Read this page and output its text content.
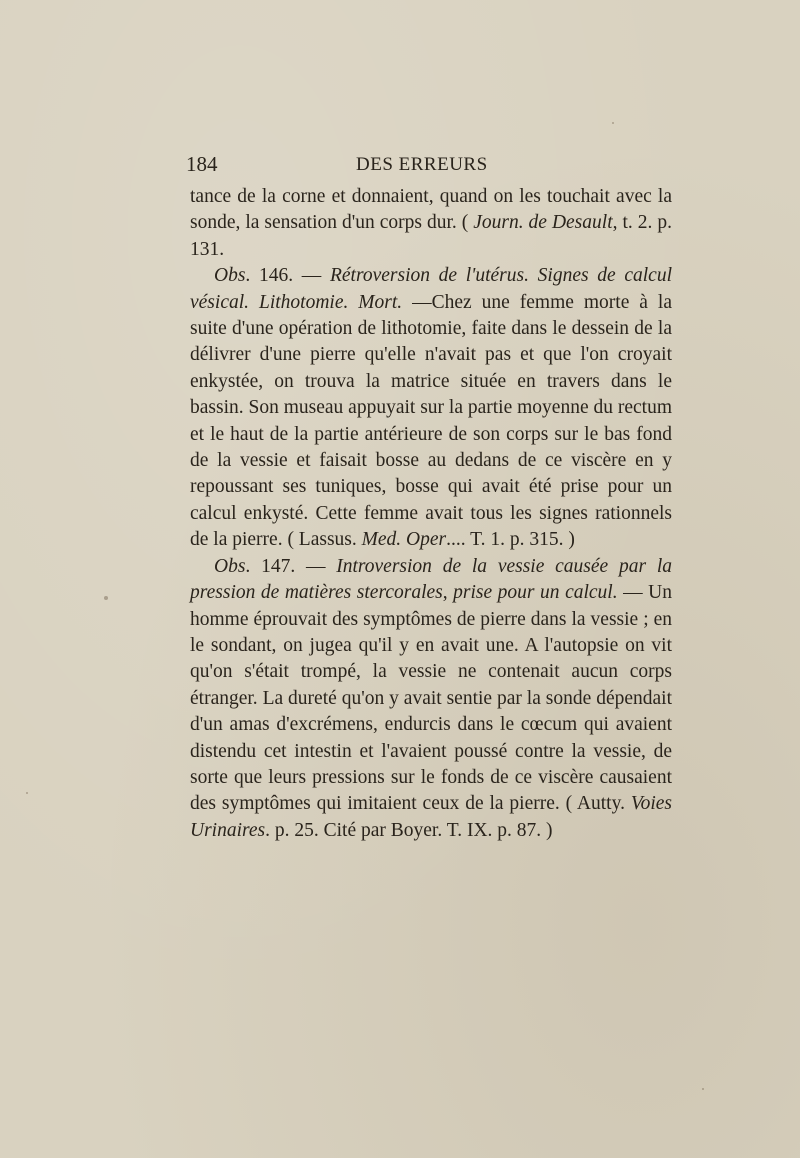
184	DES ERREURS

tance de la corne et donnaient, quand on les touchait avec la sonde, la sensation d'un corps dur. ( Journ. de Desault, t. 2. p. 131.

Obs. 146. — Rétroversion de l'utérus. Signes de calcul vésical. Lithotomie. Mort. —Chez une femme morte à la suite d'une opération de lithotomie, faite dans le dessein de la délivrer d'une pierre qu'elle n'avait pas et que l'on croyait enkystée, on trouva la matrice située en travers dans le bassin. Son museau appuyait sur la partie moyenne du rectum et le haut de la partie antérieure de son corps sur le bas fond de la vessie et faisait bosse au dedans de ce viscère en y repoussant ses tuniques, bosse qui avait été prise pour un calcul enkysté. Cette femme avait tous les signes rationnels de la pierre. ( Lassus. Med. Oper.... T. 1. p. 315. )

Obs. 147. — Introversion de la vessie causée par la pression de matières stercorales, prise pour un calcul. — Un homme éprouvait des symptômes de pierre dans la vessie ; en le sondant, on jugea qu'il y en avait une. A l'autopsie on vit qu'on s'était trompé, la vessie ne contenait aucun corps étranger. La dureté qu'on y avait sentie par la sonde dépendait d'un amas d'excrémens, endurcis dans le cœcum qui avaient distendu cet intestin et l'avaient poussé contre la vessie, de sorte que leurs pressions sur le fonds de ce viscère causaient des symptômes qui imitaient ceux de la pierre. ( Autty. Voies Urinaires. p. 25. Cité par Boyer. T. IX. p. 87. )
